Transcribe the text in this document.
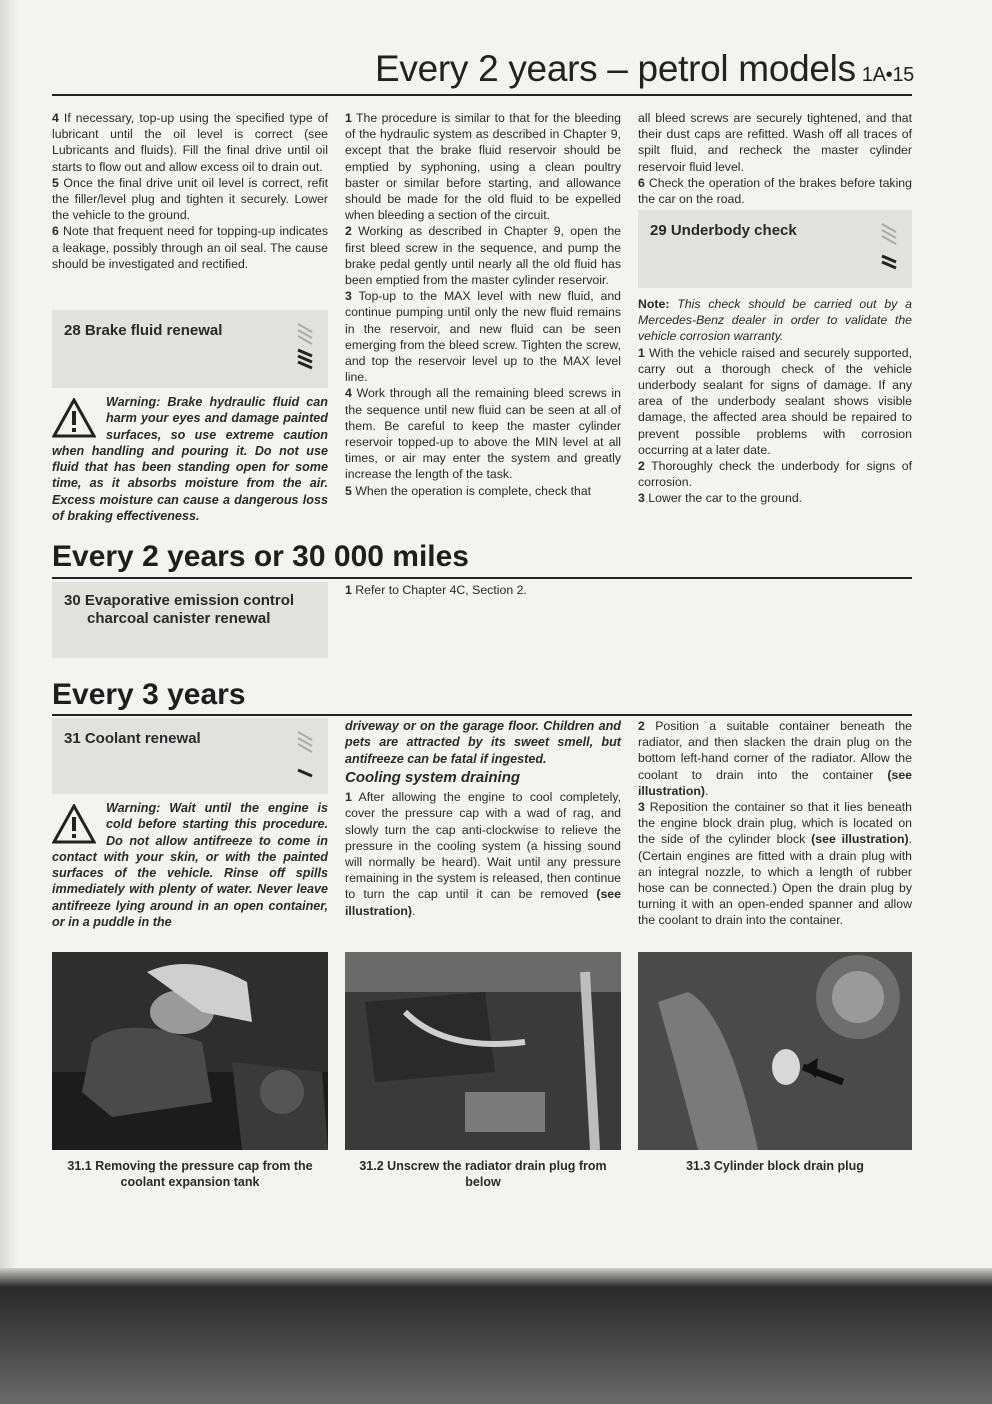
Every 2 years – petrol models 1A•15

4 If necessary, top-up using the specified type of lubricant until the oil level is correct (see Lubricants and fluids). Fill the final drive until oil starts to flow out and allow excess oil to drain out.

5 Once the final drive unit oil level is correct, refit the filler/level plug and tighten it securely. Lower the vehicle to the ground.

6 Note that frequent need for topping-up indicates a leakage, possibly through an oil seal. The cause should be investigated and rectified.

28 Brake fluid renewal
Warning: Brake hydraulic fluid can harm your eyes and damage painted surfaces, so use extreme caution when handling and pouring it. Do not use fluid that has been standing open for some time, as it absorbs moisture from the air. Excess moisture can cause a dangerous loss of braking effectiveness.

1 The procedure is similar to that for the bleeding of the hydraulic system as described in Chapter 9, except that the brake fluid reservoir should be emptied by syphoning, using a clean poultry baster or similar before starting, and allowance should be made for the old fluid to be expelled when bleeding a section of the circuit.

2 Working as described in Chapter 9, open the first bleed screw in the sequence, and pump the brake pedal gently until nearly all the old fluid has been emptied from the master cylinder reservoir.

3 Top-up to the MAX level with new fluid, and continue pumping until only the new fluid remains in the reservoir, and new fluid can be seen emerging from the bleed screw. Tighten the screw, and top the reservoir level up to the MAX level line.

4 Work through all the remaining bleed screws in the sequence until new fluid can be seen at all of them. Be careful to keep the master cylinder reservoir topped-up to above the MIN level at all times, or air may enter the system and greatly increase the length of the task.

5 When the operation is complete, check that

all bleed screws are securely tightened, and that their dust caps are refitted. Wash off all traces of spilt fluid, and recheck the master cylinder reservoir fluid level.

6 Check the operation of the brakes before taking the car on the road.

29 Underbody check

Note: This check should be carried out by a Mercedes-Benz dealer in order to validate the vehicle corrosion warranty.

1 With the vehicle raised and securely supported, carry out a thorough check of the vehicle underbody sealant for signs of damage. If any area of the underbody sealant shows visible damage, the affected area should be repaired to prevent possible problems with corrosion occurring at a later date.

2 Thoroughly check the underbody for signs of corrosion.

3 Lower the car to the ground.

Every 2 years or 30 000 miles
30 Evaporative emission control
charcoal canister renewal

1 Refer to Chapter 4C, Section 2.

Every 3 years
31 Coolant renewal
Warning: Wait until the engine is cold before starting this procedure. Do not allow antifreeze to come in contact with your skin, or with the painted surfaces of the vehicle. Rinse off spills immediately with plenty of water. Never leave antifreeze lying around in an open container, or in a puddle in the

driveway or on the garage floor. Children and pets are attracted by its sweet smell, but antifreeze can be fatal if ingested.

Cooling system draining

1 After allowing the engine to cool completely, cover the pressure cap with a wad of rag, and slowly turn the cap anti-clockwise to relieve the pressure in the cooling system (a hissing sound will normally be heard). Wait until any pressure remaining in the system is released, then continue to turn the cap until it can be removed (see illustration).

2 Position a suitable container beneath the radiator, and then slacken the drain plug on the bottom left-hand corner of the radiator. Allow the coolant to drain into the container (see illustration).

3 Reposition the container so that it lies beneath the engine block drain plug, which is located on the side of the cylinder block (see illustration). (Certain engines are fitted with a drain plug with an integral nozzle, to which a length of rubber hose can be connected.) Open the drain plug by turning it with an open-ended spanner and allow the coolant to drain into the container.

31.1 Removing the pressure cap from the coolant expansion tank
31.2 Unscrew the radiator drain plug from below
31.3 Cylinder block drain plug
